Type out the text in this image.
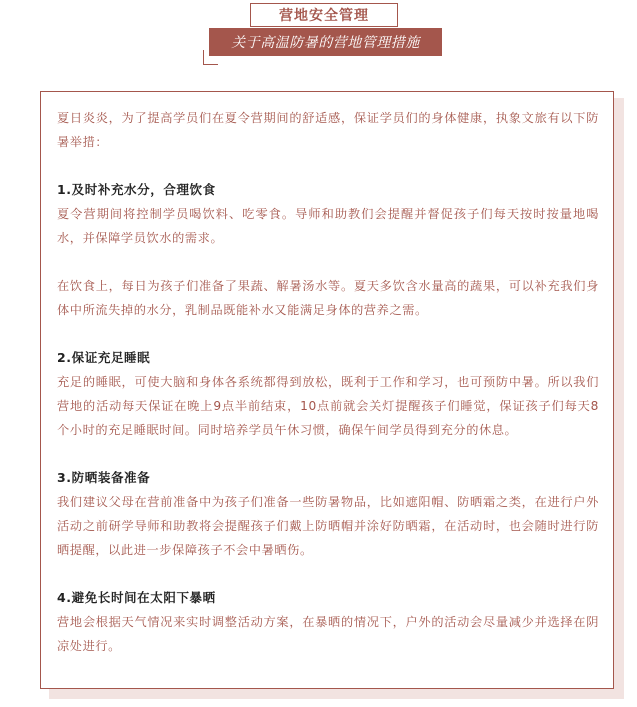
营地安全管理
关于高温防暑的营地管理措施

夏日炎炎，为了提高学员们在夏令营期间的舒适感，保证学员们的身体健康，执象文旅有以下防暑举措：

1.及时补充水分，合理饮食

夏令营期间将控制学员喝饮料、吃零食。导师和助教们会提醒并督促孩子们每天按时按量地喝水，并保障学员饮水的需求。

在饮食上，每日为孩子们准备了果蔬、解暑汤水等。夏天多饮含水量高的蔬果，可以补充我们身体中所流失掉的水分，乳制品既能补水又能满足身体的营养之需。

2.保证充足睡眠

充足的睡眠，可使大脑和身体各系统都得到放松，既利于工作和学习，也可预防中暑。所以我们营地的活动每天保证在晚上9点半前结束，10点前就会关灯提醒孩子们睡觉，保证孩子们每天8个小时的充足睡眠时间。同时培养学员午休习惯，确保午间学员得到充分的休息。

3.防晒装备准备

我们建议父母在营前准备中为孩子们准备一些防暑物品，比如遮阳帽、防晒霜之类，在进行户外活动之前研学导师和助教将会提醒孩子们戴上防晒帽并涂好防晒霜，在活动时，也会随时进行防晒提醒，以此进一步保障孩子不会中暑晒伤。

4.避免长时间在太阳下暴晒

营地会根据天气情况来实时调整活动方案，在暴晒的情况下，户外的活动会尽量减少并选择在阴凉处进行。
